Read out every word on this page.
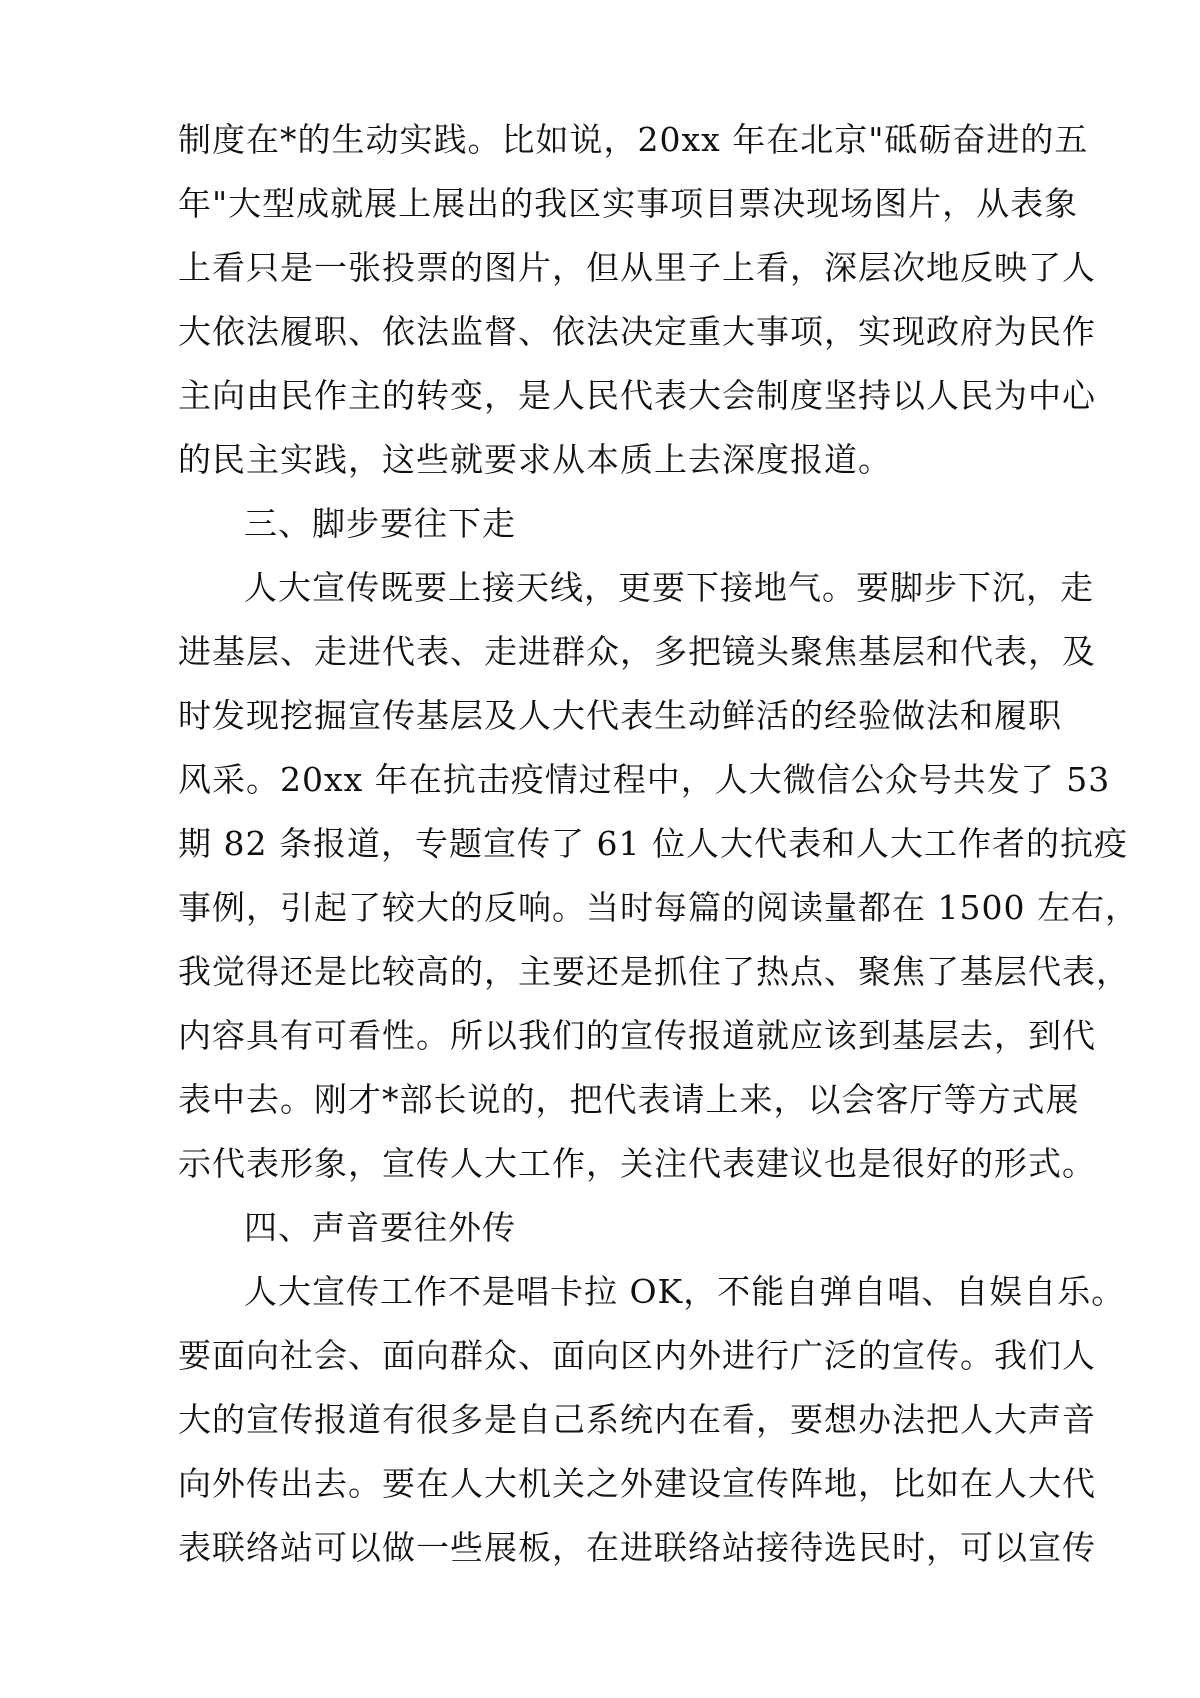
制度在*的生动实践。比如说，20xx 年在北京"砥砺奋进的五
年"大型成就展上展出的我区实事项目票决现场图片，从表象
上看只是一张投票的图片，但从里子上看，深层次地反映了人
大依法履职、依法监督、依法决定重大事项，实现政府为民作
主向由民作主的转变，是人民代表大会制度坚持以人民为中心
的民主实践，这些就要求从本质上去深度报道。
三、脚步要往下走
人大宣传既要上接天线，更要下接地气。要脚步下沉，走
进基层、走进代表、走进群众，多把镜头聚焦基层和代表，及
时发现挖掘宣传基层及人大代表生动鲜活的经验做法和履职
风采。20xx 年在抗击疫情过程中，人大微信公众号共发了 53
期 82 条报道，专题宣传了 61 位人大代表和人大工作者的抗疫
事例，引起了较大的反响。当时每篇的阅读量都在 1500 左右，
我觉得还是比较高的，主要还是抓住了热点、聚焦了基层代表，
内容具有可看性。所以我们的宣传报道就应该到基层去，到代
表中去。刚才*部长说的，把代表请上来，以会客厅等方式展
示代表形象，宣传人大工作，关注代表建议也是很好的形式。
四、声音要往外传
人大宣传工作不是唱卡拉 OK，不能自弹自唱、自娱自乐。
要面向社会、面向群众、面向区内外进行广泛的宣传。我们人
大的宣传报道有很多是自己系统内在看，要想办法把人大声音
向外传出去。要在人大机关之外建设宣传阵地，比如在人大代
表联络站可以做一些展板，在进联络站接待选民时，可以宣传
